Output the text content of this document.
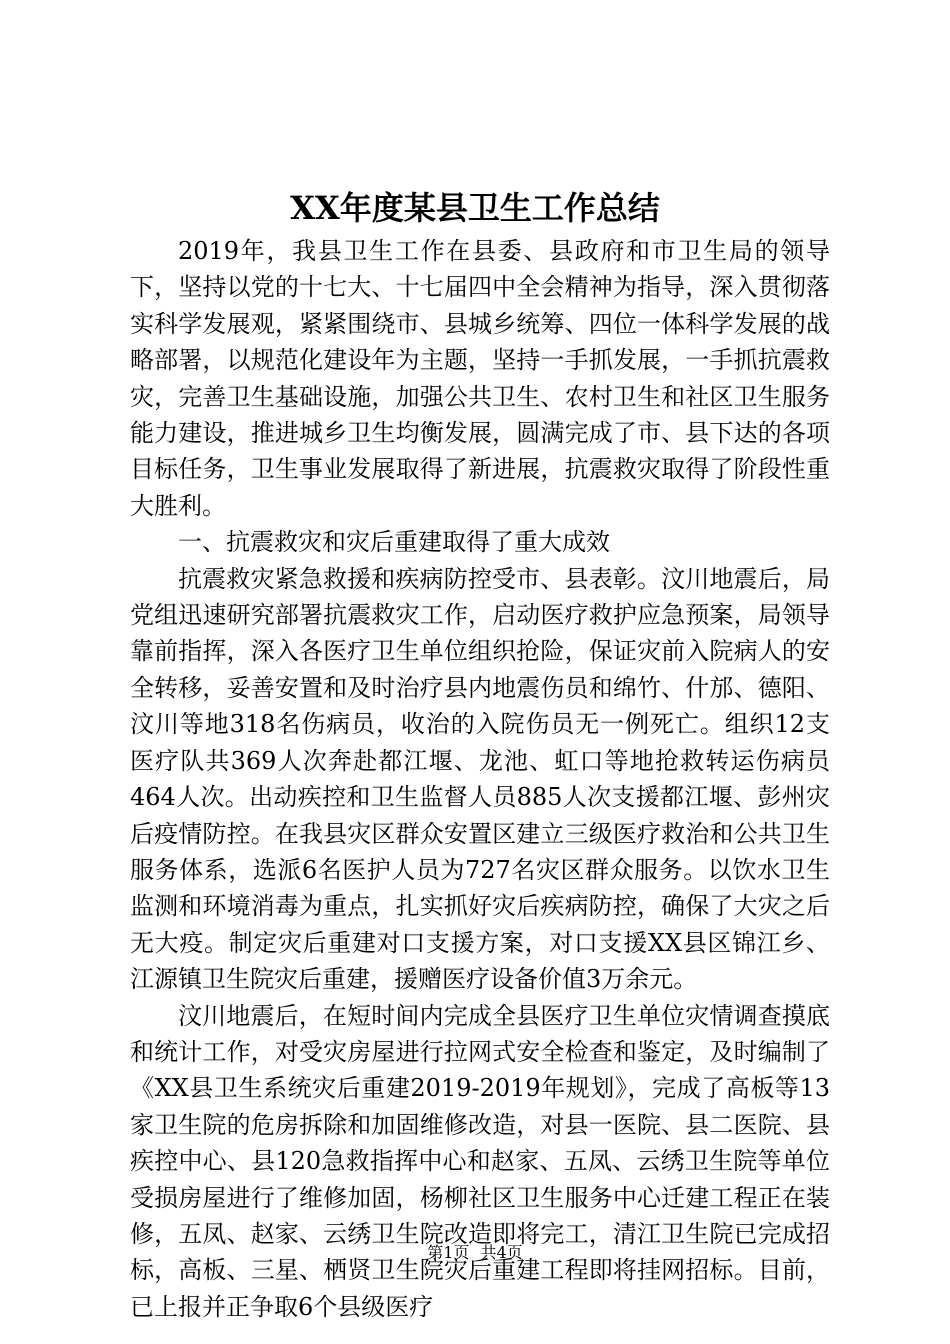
XX年度某县卫生工作总结

2019年，我县卫生工作在县委、县政府和市卫生局的领导下，坚持以党的十七大、十七届四中全会精神为指导，深入贯彻落实科学发展观，紧紧围绕市、县城乡统筹、四位一体科学发展的战略部署，以规范化建设年为主题，坚持一手抓发展，一手抓抗震救灾，完善卫生基础设施，加强公共卫生、农村卫生和社区卫生服务能力建设，推进城乡卫生均衡发展，圆满完成了市、县下达的各项目标任务，卫生事业发展取得了新进展，抗震救灾取得了阶段性重大胜利。

一、抗震救灾和灾后重建取得了重大成效

抗震救灾紧急救援和疾病防控受市、县表彰。汶川地震后，局党组迅速研究部署抗震救灾工作，启动医疗救护应急预案，局领导靠前指挥，深入各医疗卫生单位组织抢险，保证灾前入院病人的安全转移，妥善安置和及时治疗县内地震伤员和绵竹、什邡、德阳、汶川等地318名伤病员，收治的入院伤员无一例死亡。组织12支医疗队共369人次奔赴都江堰、龙池、虹口等地抢救转运伤病员464人次。出动疾控和卫生监督人员885人次支援都江堰、彭州灾后疫情防控。在我县灾区群众安置区建立三级医疗救治和公共卫生服务体系，选派6名医护人员为727名灾区群众服务。以饮水卫生监测和环境消毒为重点，扎实抓好灾后疾病防控，确保了大灾之后无大疫。制定灾后重建对口支援方案，对口支援XX县区锦江乡、江源镇卫生院灾后重建，援赠医疗设备价值3万余元。

汶川地震后，在短时间内完成全县医疗卫生单位灾情调查摸底和统计工作，对受灾房屋进行拉网式安全检查和鉴定，及时编制了《XX县卫生系统灾后重建2019-2019年规划》，完成了高板等13家卫生院的危房拆除和加固维修改造，对县一医院、县二医院、县疾控中心、县120急救指挥中心和赵家、五凤、云绣卫生院等单位受损房屋进行了维修加固，杨柳社区卫生服务中心迁建工程正在装修，五凤、赵家、云绣卫生院改造即将完工，清江卫生院已完成招标，高板、三星、栖贤卫生院灾后重建工程即将挂网招标。目前，已上报并正争取6个县级医疗

第1页 共4页
